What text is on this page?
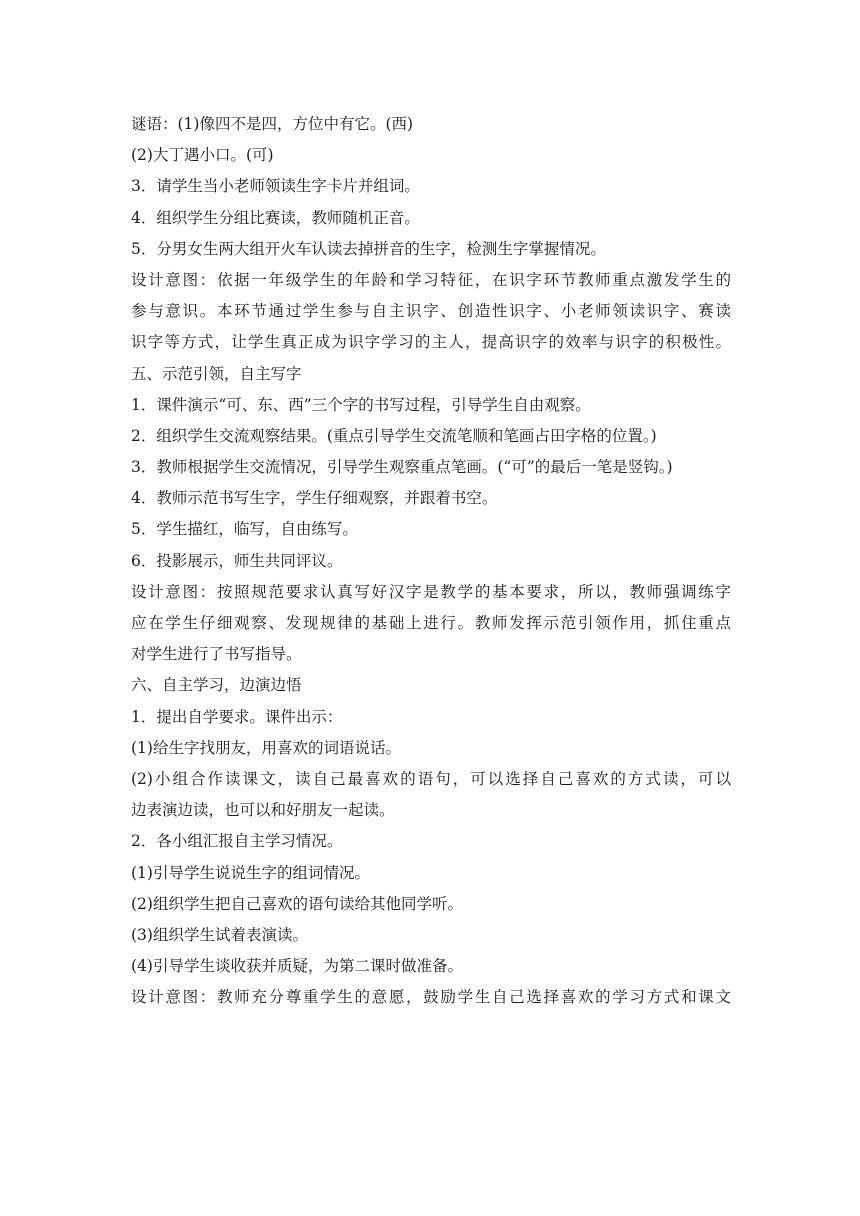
谜语：(1)像四不是四，方位中有它。(西)
(2)大丁遇小口。(可)
3．请学生当小老师领读生字卡片并组词。
4．组织学生分组比赛读，教师随机正音。
5．分男女生两大组开火车认读去掉拼音的生字，检测生字掌握情况。
设计意图：依据一年级学生的年龄和学习特征，在识字环节教师重点激发学生的
参与意识。本环节通过学生参与自主识字、创造性识字、小老师领读识字、赛读
识字等方式，让学生真正成为识字学习的主人，提高识字的效率与识字的积极性。
五、示范引领，自主写字
1．课件演示“可、东、西”三个字的书写过程，引导学生自由观察。
2．组织学生交流观察结果。(重点引导学生交流笔顺和笔画占田字格的位置。)
3．教师根据学生交流情况，引导学生观察重点笔画。(“可”的最后一笔是竖钩。)
4．教师示范书写生字，学生仔细观察，并跟着书空。
5．学生描红，临写，自由练写。
6．投影展示，师生共同评议。
设计意图：按照规范要求认真写好汉字是教学的基本要求，所以，教师强调练字
应在学生仔细观察、发现规律的基础上进行。教师发挥示范引领作用，抓住重点
对学生进行了书写指导。
六、自主学习，边演边悟
1．提出自学要求。课件出示：
(1)给生字找朋友，用喜欢的词语说话。
(2)小组合作读课文，读自己最喜欢的语句，可以选择自己喜欢的方式读，可以
边表演边读，也可以和好朋友一起读。
2．各小组汇报自主学习情况。
(1)引导学生说说生字的组词情况。
(2)组织学生把自己喜欢的语句读给其他同学听。
(3)组织学生试着表演读。
(4)引导学生谈收获并质疑，为第二课时做准备。
设计意图：教师充分尊重学生的意愿，鼓励学生自己选择喜欢的学习方式和课文
